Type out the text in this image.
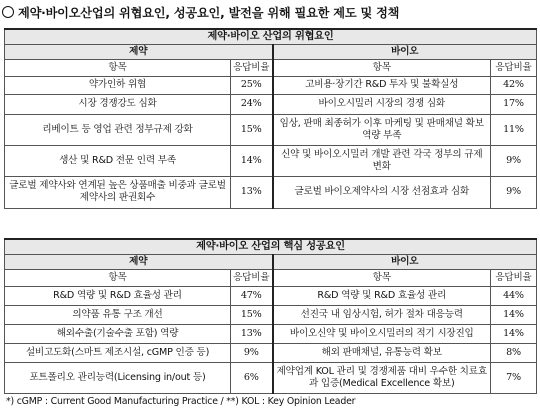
제약·바이오산업의 위협요인, 성공요인, 발전을 위해 필요한 제도 및 정책
제약·바이오 산업의 위협요인			
제약		바이오	
항목	응답비율	항목	응답비율
약가인하 위협	25%	고비용·장기간 R&D 투자 및 불확실성	42%
시장 경쟁강도 심화	24%	바이오시밀러 시장의 경쟁 심화	17%
리베이트 등 영업 관련 정부규제 강화	15%	임상, 판매 최종허가 이후 마케팅 및 판매채널 확보 역량 부족	11%
생산 및 R&D 전문 인력 부족	14%	신약 및 바이오시밀러 개발 관련 각국 정부의 규제 변화	9%
글로벌 제약사와 연계된 높은 상품매출 비중과 글로벌 제약사의 판권회수	13%	글로벌 바이오제약사의 시장 선점효과 심화	9%
제약·바이오 산업의 핵심 성공요인			
제약		바이오	
항목	응답비율	항목	응답비율
R&D 역량 및 R&D 효율성 관리	47%	R&D 역량 및 R&D 효율성 관리	44%
의약품 유통 구조 개선	15%	선진국 내 임상시험, 허가 절차 대응능력	14%
해외수출(기술수출 포함) 역량	13%	바이오신약 및 바이오시밀러의 적기 시장진입	14%
설비고도화(스마트 제조시설, cGMP 인증 등)	9%	해외 판매채널, 유통능력 확보	8%
포트폴리오 관리능력(Licensing in/out 등)	6%	제약업계 KOL 관리 및 경쟁제품 대비 우수한 치료효과 입증(Medical Excellence 확보)	7%
*) cGMP : Current Good Manufacturing Practice / **) KOL : Key Opinion Leader
